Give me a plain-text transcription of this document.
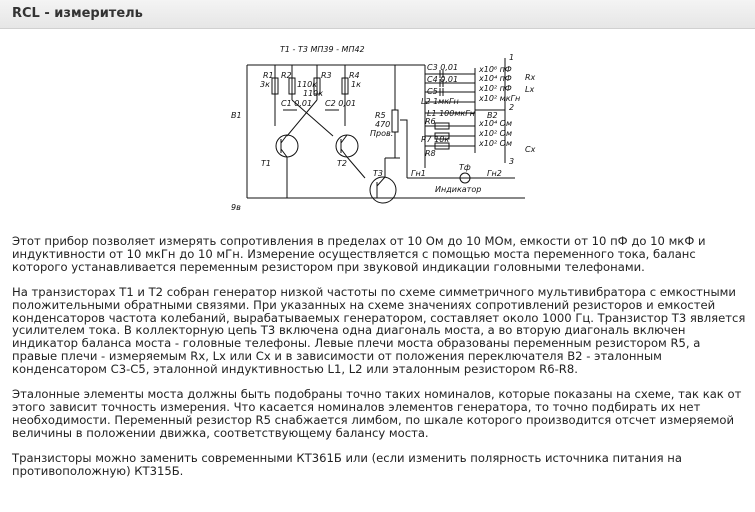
RCL - измеритель
T1 - T3 МП39 - МП42
R1
3к
R2
110к
R3
110к
R4
1к
C1 0,01 C2 0,01
T1	T2
T3
B1
9в
R5
470
Пров.
C3 0,01	x10⁶ пФ
C4 0,01	x10⁴ пФ
C5	x10² пФ
L2 1мкГн	x10² мкГн
L1 100мкГн B2
R6	x10⁴ Ом
R7 10к
x10² Ом
R8
x10² Ом
Rx
Lx
Cx
1
2
3
Гн1
Тф
Гн2
Индикатор

Этот прибор позволяет измерять сопротивления в пределах от 10 Ом до 10 МОм, емкости от 10 пФ до 10 мкФ и индуктивности от 10 мкГн до 10 мГн. Измерение осуществляется с помощью моста переменного тока, баланс которого устанавливается переменным резистором при звуковой индикации головными телефонами.

На транзисторах Т1 и Т2 собран генератор низкой частоты по схеме симметричного мультивибратора с емкостными положительными обратными связями. При указанных на схеме значениях сопротивлений резисторов и емкостей конденсаторов частота колебаний, вырабатываемых генератором, составляет около 1000 Гц. Транзистор Т3 является усилителем тока. В коллекторную цепь Т3 включена одна диагональ моста, а во вторую диагональ включен индикатор баланса моста - головные телефоны. Левые плечи моста образованы переменным резистором R5, а правые плечи - измеряемым Rx, Lx или Cx и в зависимости от положения переключателя В2 - эталонным конденсатором С3-С5, эталонной индуктивностью L1, L2 или эталонным резистором R6-R8.

Эталонные элементы моста должны быть подобраны точно таких номиналов, которые показаны на схеме, так как от этого зависит точность измерения. Что касается номиналов элементов генератора, то точно подбирать их нет необходимости. Переменный резистор R5 снабжается лимбом, по шкале которого производится отсчет измеряемой величины в положении движка, соответствующему балансу моста.

Транзисторы можно заменить современными КТ361Б или (если изменить полярность источника питания на противоположную) КТ315Б.
